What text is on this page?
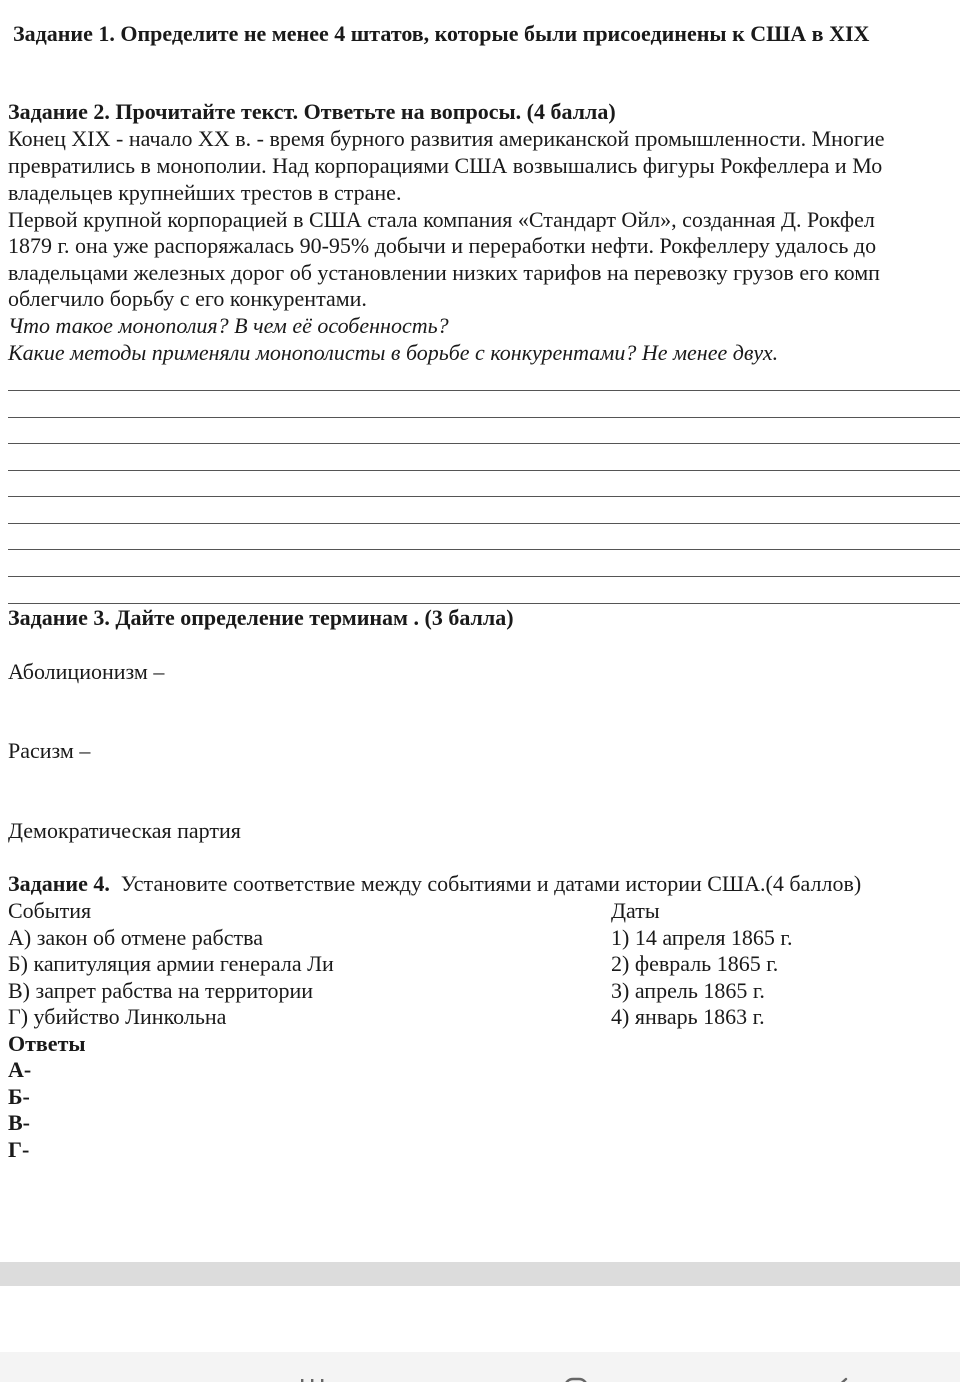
Задание 1. Определите не менее 4 штатов, которые были присоединены к США в XIX
Задание 2. Прочитайте текст. Ответьте на вопросы. (4 балла)
Конец XIX - начало XX в. - время бурного развития американской промышленности. Многие
превратились в монополии. Над корпорациями США возвышались фигуры Рокфеллера и Мо
владельцев крупнейших трестов в стране.
Первой крупной корпорацией в США стала компания «Стандарт Ойл», созданная Д. Рокфел
1879 г. она уже распоряжалась 90-95% добычи и переработки нефти. Рокфеллеру удалось до
владельцами железных дорог об установлении низких тарифов на перевозку грузов его комп
облегчило борьбу с его конкурентами.
Что такое монополия? В чем её особенность?
Какие методы применяли монополисты в борьбе с конкурентами? Не менее двух.
Задание 3. Дайте определение терминам . (3 балла)
Аболиционизм –
Расизм –
Демократическая партия
Задание 4.  Установите соответствие между событиями и датами истории США.(4 баллов)
События	Даты
А) закон об отмене рабства	1) 14 апреля 1865 г.
Б) капитуляция армии генерала Ли	2) февраль 1865 г.
В) запрет рабства на территории	3) апрель 1865 г.
Г) убийство Линкольна	4) январь 1863 г.
Ответы
А-
Б-
В-
Г-
